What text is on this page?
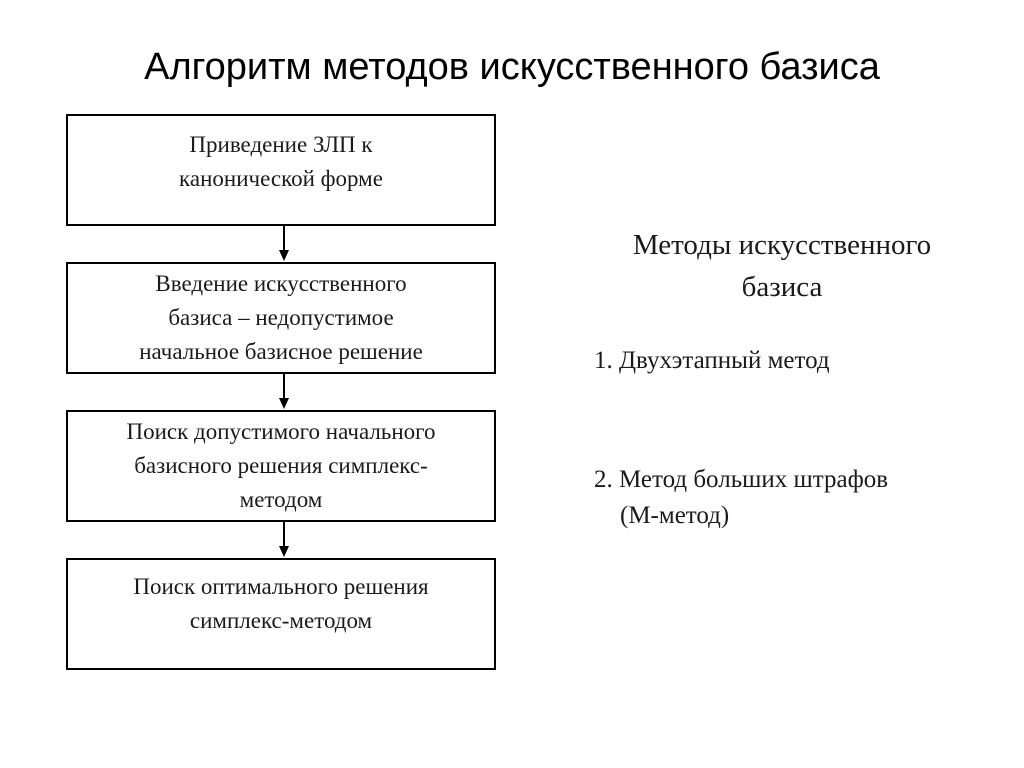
Алгоритм методов искусственного базиса
Приведение ЗЛП к
канонической форме
Введение искусственного
базиса – недопустимое
начальное базисное решение
Поиск допустимого начального
базисного решения симплекс-
методом
Поиск оптимального решения
симплекс-методом
Методы искусственного
базиса
1. Двухэтапный метод
2. Метод больших штрафов
(М-метод)
